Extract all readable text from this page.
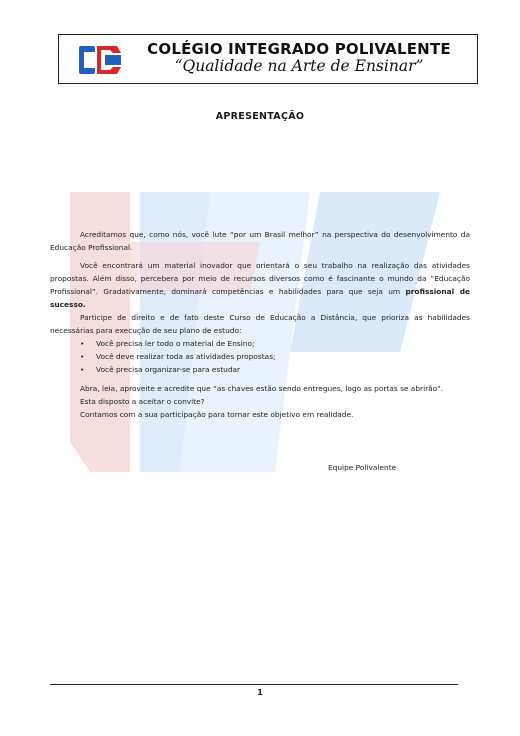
COLÉGIO INTEGRADO POLIVALENTE
“Qualidade na Arte de Ensinar”
APRESENTAÇÃO

Acreditamos que, como nós, você lute “por um Brasil melhor” na perspectiva do desenvolvimento da Educação Profissional.

Você encontrará um material inovador que orientará o seu trabalho na realização das atividades propostas. Além disso, percebera por meio de recursos diversos como é fascinante o mundo da “Educação Profissional”. Gradativamente, dominará competências e habilidades para que seja um profissional de sucesso.

Participe de direito e de fato deste Curso de Educação a Distância, que prioriza as habilidades necessárias para execução de seu plano de estudo:

• Você precisa ler todo o material de Ensino;
• Você deve realizar toda as atividades propostas;
• Você precisa organizar-se para estudar

Abra, leia, aproveite e acredite que “as chaves estão sendo entregues, logo as portas se abrirão”.

Esta disposto a aceitar o convite?

Contamos com a sua participação para tornar este objetivo em realidade.

Equipe Polivalente
1
